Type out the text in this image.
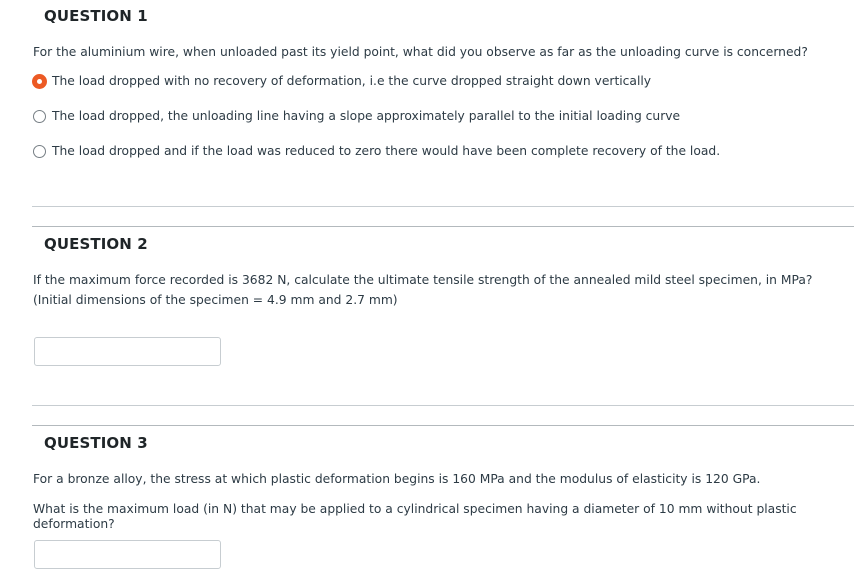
QUESTION 1
For the aluminium wire, when unloaded past its yield point, what did you observe as far as the unloading curve is concerned?
The load dropped with no recovery of deformation, i.e the curve dropped straight down vertically
The load dropped, the unloading line having a slope approximately parallel to the initial loading curve
The load dropped and if the load was reduced to zero there would have been complete recovery of the load.
QUESTION 2
If the maximum force recorded is 3682 N, calculate the ultimate tensile strength of the annealed mild steel specimen, in MPa?
(Initial dimensions of the specimen = 4.9 mm and 2.7 mm)
QUESTION 3
For a bronze alloy, the stress at which plastic deformation begins is 160 MPa and the modulus of elasticity is 120 GPa.
What is the maximum load (in N) that may be applied to a cylindrical specimen having a diameter of 10 mm without plastic deformation?
